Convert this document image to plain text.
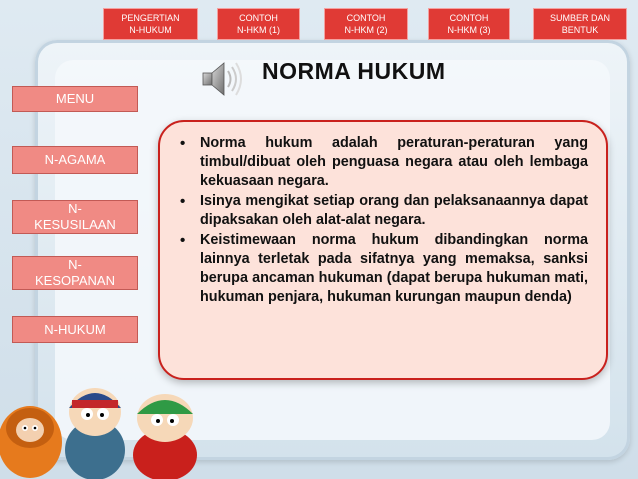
PENGERTIAN
N-HUKUM
CONTOH
N-HKM (1)
CONTOH
N-HKM (2)
CONTOH
N-HKM (3)
SUMBER DAN
BENTUK
NORMA HUKUM
MENU
N-AGAMA
N-
KESUSILAAN
N-
KESOPANAN
N-HUKUM
• Norma hukum adalah peraturan-peraturan yang timbul/dibuat oleh penguasa negara atau oleh lembaga kekuasaan negara.
• Isinya mengikat setiap orang dan pelaksanaannya dapat dipaksakan oleh alat-alat negara.
• Keistimewaan norma hukum dibandingkan norma lainnya terletak pada sifatnya yang memaksa, sanksi berupa ancaman hukuman (dapat berupa hukuman mati, hukuman penjara, hukuman kurungan maupun denda)
